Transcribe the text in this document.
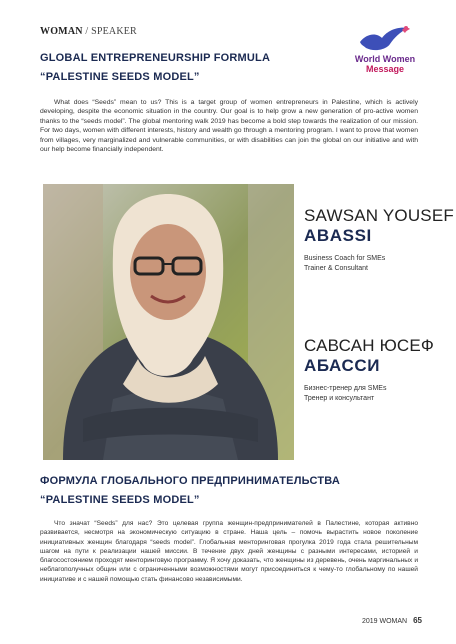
WOMAN / SPEAKER
World Women
Message
GLOBAL ENTREPRENEURSHIP FORMULA
“PALESTINE SEEDS MODEL”
What does “Seeds” mean to us? This is a target group of women entrepreneurs in Palestine, which is actively developing, despite the economic situation in the country. Our goal is to help grow a new generation of pro-active women thanks to the “seeds model”. The global mentoring walk 2019 has become a bold step towards the realization of our mission. For two days, women with different interests, history and wealth go through a mentoring program. I want to prove that women from villages, very marginalized and vulnerable communities, or with disabilities can join the global on our initiative and with our help become financially independent.
SAWSAN YOUSEF
ABASSI
Business Coach for SMEs
Trainer & Consultant
САВСАН ЮСЕФ
АБАССИ
Бизнес-тренер для SMEs
Тренер и консультант
ФОРМУЛА ГЛОБАЛЬНОГО ПРЕДПРИНИМАТЕЛЬСТВА
“PALESTINE SEEDS MODEL”
Что значат “Seeds” для нас? Это целевая группа женщин-предпринимателей в Палестине, которая активно развивается, несмотря на экономическую ситуацию в стране. Наша цель – помочь вырастить новое поколение инициативных женщин благодаря “seeds model”. Глобальная менторинговая прогулка 2019 года стала решительным шагом на пути к реализации нашей миссии. В течение двух дней женщины с разными интересами, историей и благосостоянием проходят менторинговую программу. Я хочу доказать, что женщины из деревень, очень маргинальных и неблагополучных общин или с ограниченными возможностями могут присоединиться к чему-то глобальному по нашей инициативе и с нашей помощью стать финансово независимыми.
2019 WOMAN 65
